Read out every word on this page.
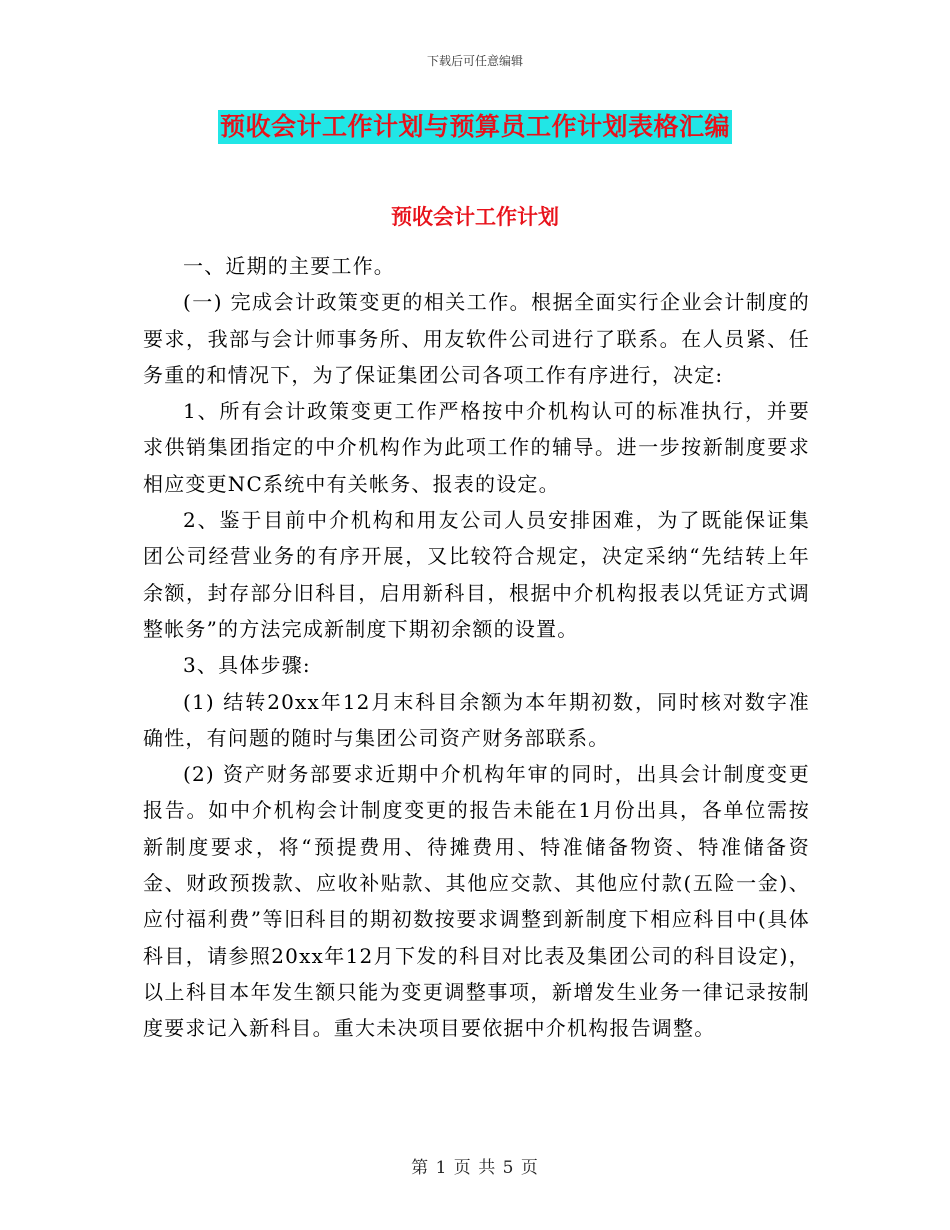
下载后可任意编辑
预收会计工作计划与预算员工作计划表格汇编
预收会计工作计划

一、近期的主要工作。

(一) 完成会计政策变更的相关工作。根据全面实行企业会计制度的要求，我部与会计师事务所、用友软件公司进行了联系。在人员紧、任务重的和情况下，为了保证集团公司各项工作有序进行，决定:

1、所有会计政策变更工作严格按中介机构认可的标准执行，并要求供销集团指定的中介机构作为此项工作的辅导。进一步按新制度要求相应变更NC系统中有关帐务、报表的设定。

2、鉴于目前中介机构和用友公司人员安排困难，为了既能保证集团公司经营业务的有序开展，又比较符合规定，决定采纳“先结转上年余额，封存部分旧科目，启用新科目，根据中介机构报表以凭证方式调整帐务”的方法完成新制度下期初余额的设置。

3、具体步骤:

(1) 结转20xx年12月末科目余额为本年期初数，同时核对数字准确性，有问题的随时与集团公司资产财务部联系。

(2) 资产财务部要求近期中介机构年审的同时，出具会计制度变更报告。如中介机构会计制度变更的报告未能在1月份出具，各单位需按新制度要求，将“预提费用、待摊费用、特准储备物资、特准储备资金、财政预拨款、应收补贴款、其他应交款、其他应付款(五险一金)、应付福利费”等旧科目的期初数按要求调整到新制度下相应科目中(具体科目，请参照20xx年12月下发的科目对比表及集团公司的科目设定)，以上科目本年发生额只能为变更调整事项，新增发生业务一律记录按制度要求记入新科目。重大未决项目要依据中介机构报告调整。

第 1 页 共 5 页
